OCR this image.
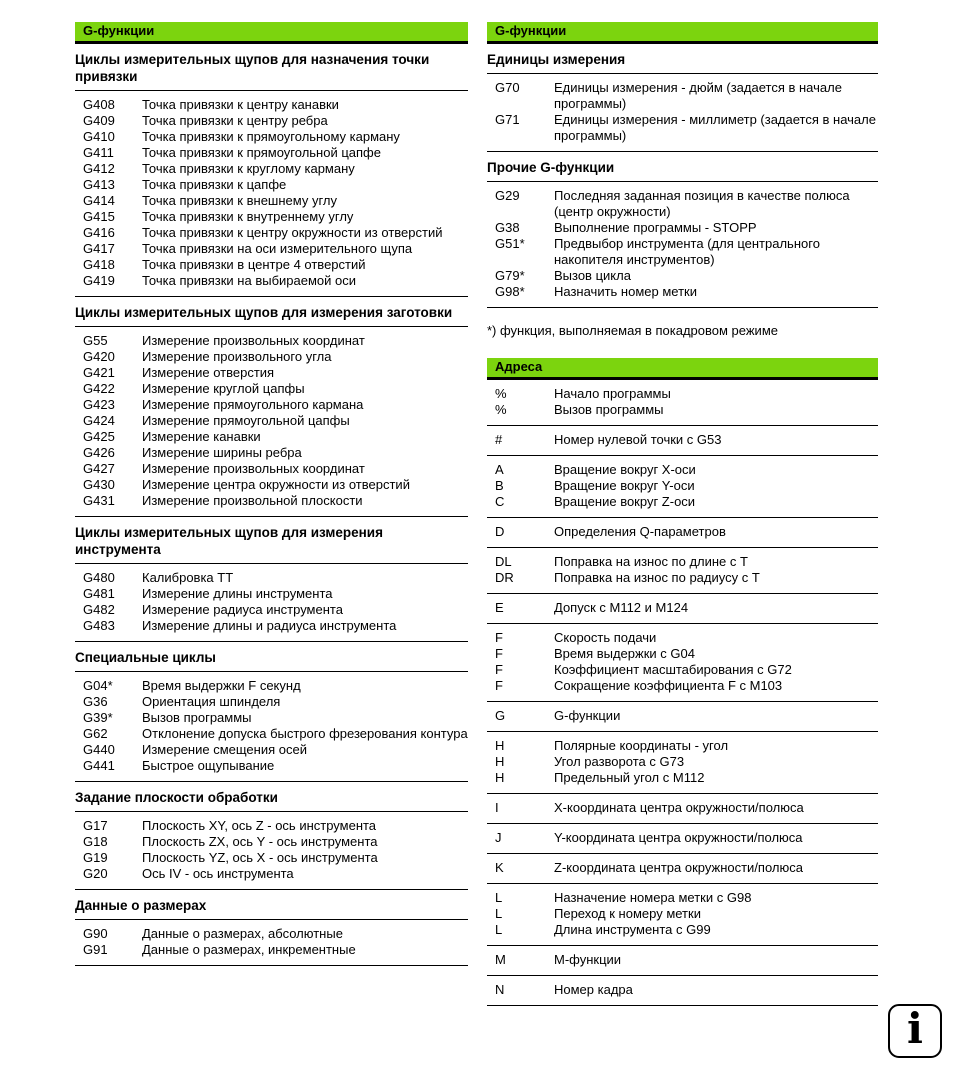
G-функции
Циклы измерительных щупов для назначения точки привязки
G408	Точка привязки к центру канавки
G409	Точка привязки к центру ребра
G410	Точка привязки к прямоугольному карману
G411	Точка привязки к прямоугольной цапфе
G412	Точка привязки к круглому карману
G413	Точка привязки к цапфе
G414	Точка привязки к внешнему углу
G415	Точка привязки к внутреннему углу
G416	Точка привязки к центру окружности из отверстий
G417	Точка привязки на оси измерительного щупа
G418	Точка привязки в центре 4 отверстий
G419	Точка привязки на выбираемой оси
Циклы измерительных щупов для измерения заготовки
G55	Измерение произвольных координат
G420	Измерение произвольного угла
G421	Измерение отверстия
G422	Измерение круглой цапфы
G423	Измерение прямоугольного кармана
G424	Измерение прямоугольной цапфы
G425	Измерение канавки
G426	Измерение ширины ребра
G427	Измерение произвольных координат
G430	Измерение центра окружности из отверстий
G431	Измерение произвольной плоскости
Циклы измерительных щупов для измерения инструмента
G480	Калибровка TT
G481	Измерение длины инструмента
G482	Измерение радиуса инструмента
G483	Измерение длины и радиуса инструмента
Специальные циклы
G04*	Время выдержки F секунд
G36	Ориентация шпинделя
G39*	Вызов программы
G62	Отклонение допуска быстрого фрезерования контура
G440	Измерение смещения осей
G441	Быстрое ощупывание
Задание плоскости обработки
G17	Плоскость XY, ось Z - ось инструмента
G18	Плоскость ZX, ось Y - ось инструмента
G19	Плоскость YZ, ось X - ось инструмента
G20	Ось IV - ось инструмента
Данные о размерах
G90	Данные о размерах, абсолютные
G91	Данные о размерах, инкрементные
G-функции
Единицы измерения
G70	Единицы измерения - дюйм (задается в начале программы)
G71	Единицы измерения - миллиметр (задается в начале программы)
Прочие G-функции
G29	Последняя заданная позиция в качестве полюса (центр окружности)
G38	Выполнение программы - STOPP
G51*	Предвыбор инструмента (для центрального накопителя инструментов)
G79*	Вызов цикла
G98*	Назначить номер метки
*) функция, выполняемая в покадровом режиме
Адреса
%	Начало программы
%	Вызов программы
#	Номер нулевой точки с G53
A	Вращение вокруг X-оси
B	Вращение вокруг Y-оси
C	Вращение вокруг Z-оси
D	Определения Q-параметров
DL	Поправка на износ по длине с T
DR	Поправка на износ по радиусу с T
E	Допуск с M112 и M124
F	Скорость подачи
F	Время выдержки с G04
F	Коэффициент масштабирования с G72
F	Сокращение коэффициента F с M103
G	G-функции
H	Полярные координаты - угол
H	Угол разворота с G73
H	Предельный угол с M112
I	X-координата центра окружности/полюса
J	Y-координата центра окружности/полюса
K	Z-координата центра окружности/полюса
L	Назначение номера метки с G98
L	Переход к номеру метки
L	Длина инструмента с G99
M	M-функции
N	Номер кадра
i
